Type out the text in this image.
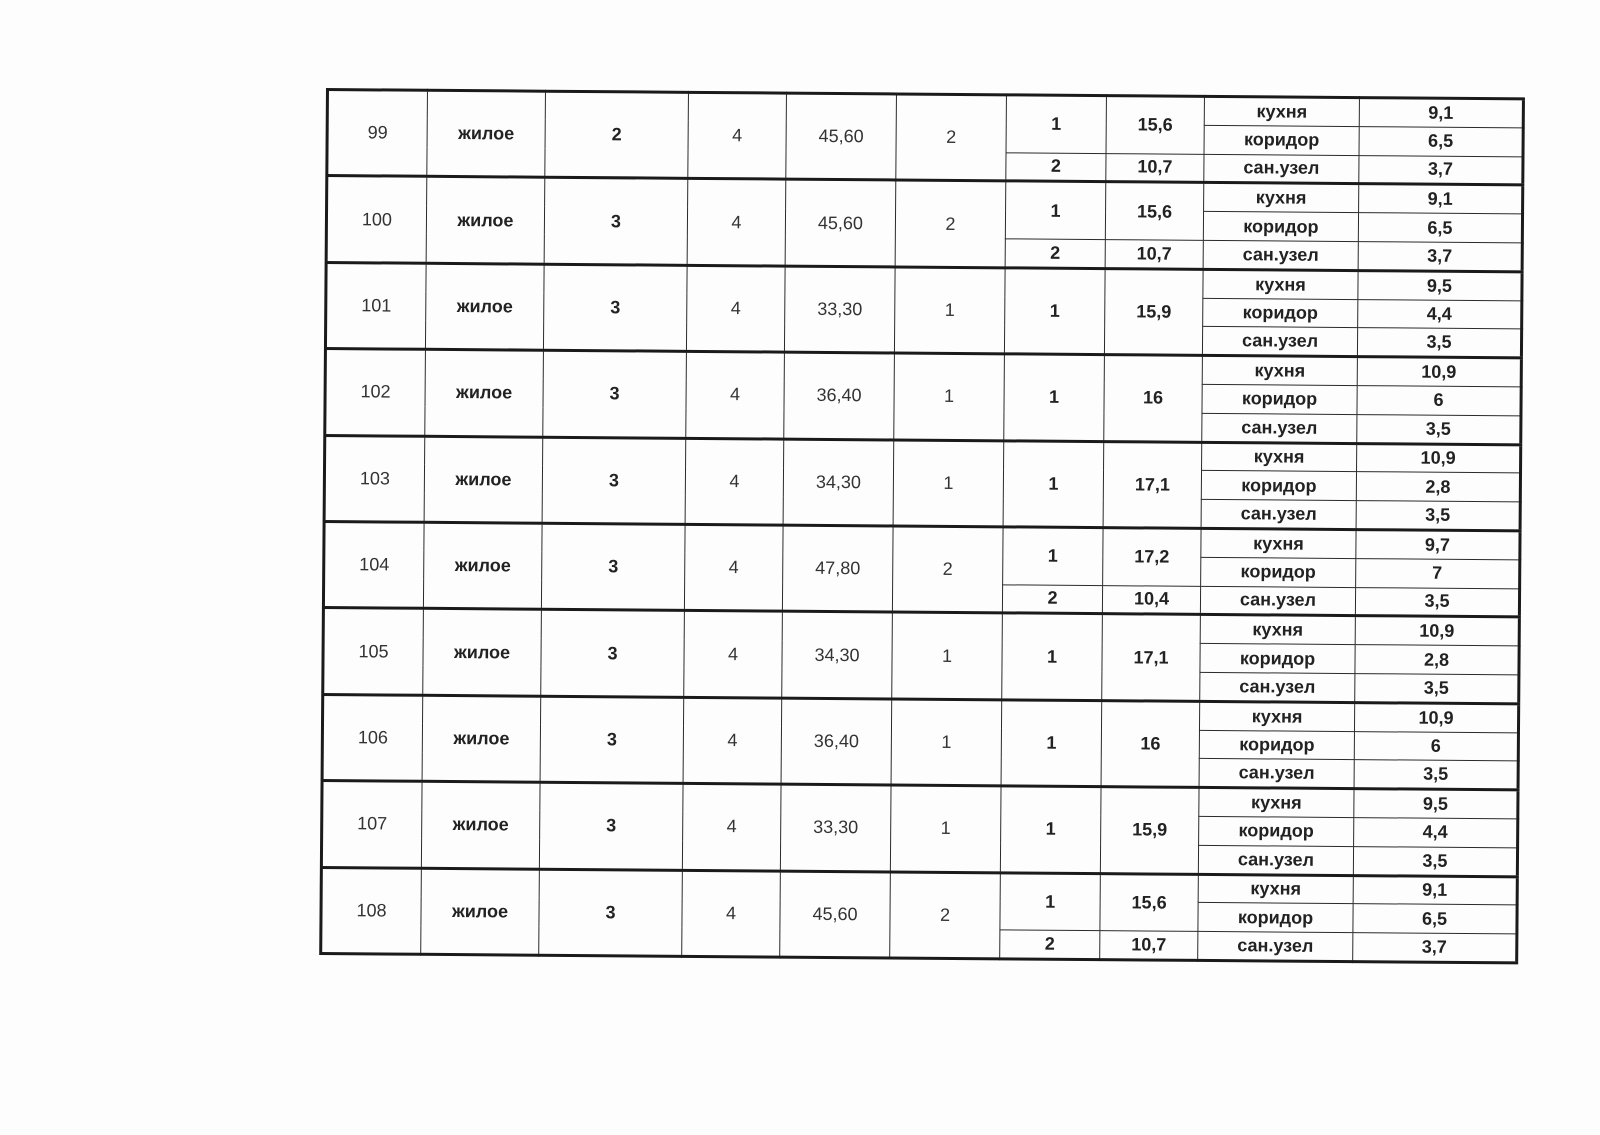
99	жилое	2	4	45,60	2	1	15,6	кухня	9,1
								коридор	6,5
						2	10,7	сан.узел	3,7
100	жилое	3	4	45,60	2	1	15,6	кухня	9,1
								коридор	6,5
						2	10,7	сан.узел	3,7
101	жилое	3	4	33,30	1	1	15,9	кухня	9,5
								коридор	4,4
								сан.узел	3,5
102	жилое	3	4	36,40	1	1	16	кухня	10,9
								коридор	6
								сан.узел	3,5
103	жилое	3	4	34,30	1	1	17,1	кухня	10,9
								коридор	2,8
								сан.узел	3,5
104	жилое	3	4	47,80	2	1	17,2	кухня	9,7
								коридор	7
						2	10,4	сан.узел	3,5
105	жилое	3	4	34,30	1	1	17,1	кухня	10,9
								коридор	2,8
								сан.узел	3,5
106	жилое	3	4	36,40	1	1	16	кухня	10,9
								коридор	6
								сан.узел	3,5
107	жилое	3	4	33,30	1	1	15,9	кухня	9,5
								коридор	4,4
								сан.узел	3,5
108	жилое	3	4	45,60	2	1	15,6	кухня	9,1
								коридор	6,5
						2	10,7	сан.узел	3,7
